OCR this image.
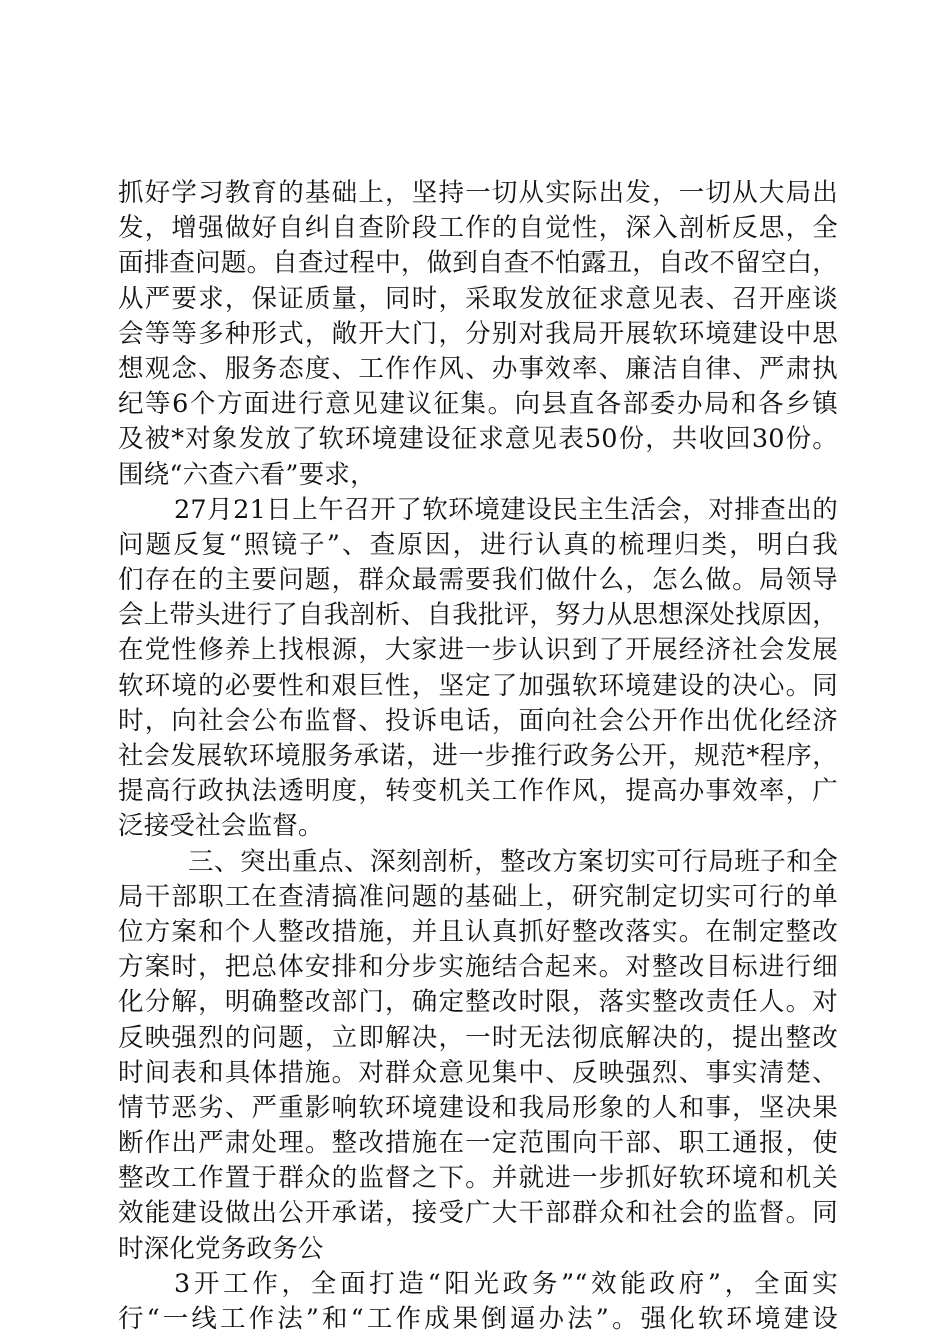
抓好学习教育的基础上，坚持一切从实际出发，一切从大局出
发，增强做好自纠自查阶段工作的自觉性，深入剖析反思，全
面排查问题。自查过程中，做到自查不怕露丑，自改不留空白，
从严要求，保证质量，同时，采取发放征求意见表、召开座谈
会等等多种形式，敞开大门，分别对我局开展软环境建设中思
想观念、服务态度、工作作风、办事效率、廉洁自律、严肃执
纪等6个方面进行意见建议征集。向县直各部委办局和各乡镇
及被*对象发放了软环境建设征求意见表50份，共收回30份。
围绕“六查六看”要求，
27月21日上午召开了软环境建设民主生活会，对排查出的
问题反复“照镜子”、查原因，进行认真的梳理归类，明白我
们存在的主要问题，群众最需要我们做什么，怎么做。局领导
会上带头进行了自我剖析、自我批评，努力从思想深处找原因，
在党性修养上找根源，大家进一步认识到了开展经济社会发展
软环境的必要性和艰巨性，坚定了加强软环境建设的决心。同
时，向社会公布监督、投诉电话，面向社会公开作出优化经济
社会发展软环境服务承诺，进一步推行政务公开，规范*程序，
提高行政执法透明度，转变机关工作作风，提高办事效率，广
泛接受社会监督。
三、突出重点、深刻剖析，整改方案切实可行局班子和全
局干部职工在查清搞准问题的基础上，研究制定切实可行的单
位方案和个人整改措施，并且认真抓好整改落实。在制定整改
方案时，把总体安排和分步实施结合起来。对整改目标进行细
化分解，明确整改部门，确定整改时限，落实整改责任人。对
反映强烈的问题，立即解决，一时无法彻底解决的，提出整改
时间表和具体措施。对群众意见集中、反映强烈、事实清楚、
情节恶劣、严重影响软环境建设和我局形象的人和事，坚决果
断作出严肃处理。整改措施在一定范围向干部、职工通报，使
整改工作置于群众的监督之下。并就进一步抓好软环境和机关
效能建设做出公开承诺，接受广大干部群众和社会的监督。同
时深化党务政务公
3开工作，全面打造“阳光政务”“效能政府”，全面实
行“一线工作法”和“工作成果倒逼办法”。强化软环境建设
